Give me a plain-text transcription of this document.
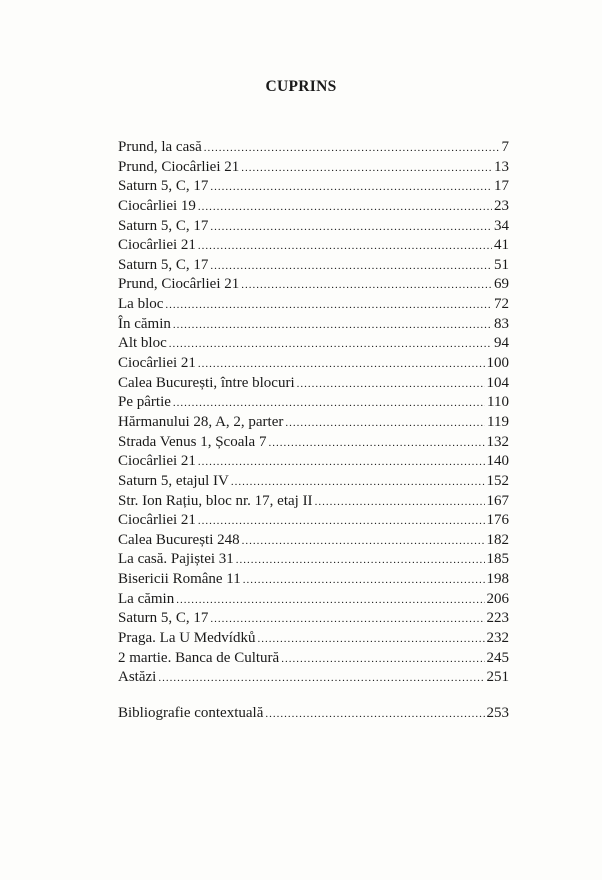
CUPRINS
Prund, la casă .....	7
Prund, Ciocârliei 21 .....	13
Saturn 5, C, 17 .....	17
Ciocârliei 19 .....	23
Saturn 5, C, 17 .....	34
Ciocârliei 21 .....	41
Saturn 5, C, 17 .....	51
Prund, Ciocârliei 21 .....	69
La bloc .....	72
În cămin .....	83
Alt bloc .....	94
Ciocârliei 21 .....	100
Calea București, între blocuri .....	104
Pe pârtie .....	110
Hărmanului 28, A, 2, parter .....	119
Strada Venus 1, Școala 7 .....	132
Ciocârliei 21 .....	140
Saturn 5, etajul IV .....	152
Str. Ion Rațiu, bloc nr. 17, etaj II .....	167
Ciocârliei 21 .....	176
Calea București 248 .....	182
La casă. Pajiștei 31 .....	185
Bisericii Române 11 .....	198
La cămin .....	206
Saturn 5, C, 17 .....	223
Praga. La U Medvídků .....	232
2 martie. Banca de Cultură .....	245
Astăzi .....	251
Bibliografie contextuală .....	253
